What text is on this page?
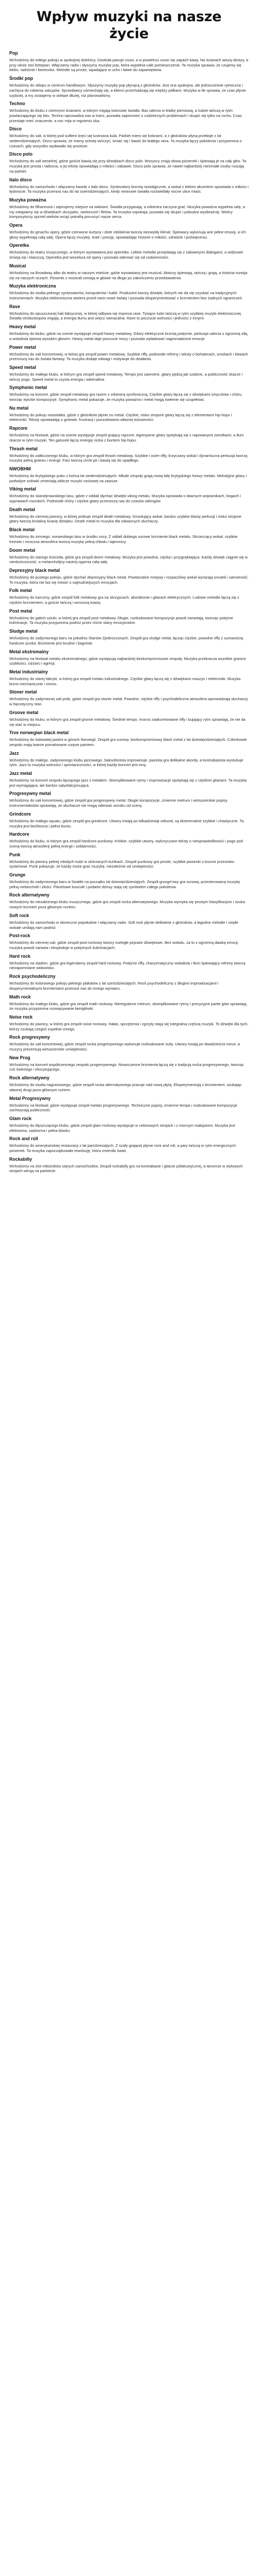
Wpływ muzyki na nasze życie
Pop

Wchodzimy do miłego pokoju w spokojnej dzielnicy. Dookoła panuje cisza, a w powietrzu unosi się zapach kawy. Na ścianach wiszą obrazy, a przy oknie stoi fortepian. Włączamy radio i słyszymy muzykę pop, która wypełnia całe pomieszczenie. Ta muzyka sprawia, że czujemy się lekko, radośnie i beztrosko. Melodie są proste, wpadające w ucho i łatwe do zapamiętania.

Środki pop

Wchodzimy do sklepu w centrum handlowym. Słyszymy muzykę pop płynącą z głośników. Jest ona spokojna, ale jednocześnie rytmiczna i zachęca do robienia zakupów. Sprzedawcy uśmiechają się, a klienci przechadzają się między półkami. Muzyka w tle sprawia, że czas płynie szybciej, a my zostajemy w sklepie dłużej, niż planowaliśmy.

Techno

Wchodzimy do klubu z ciemnymi ścianami, w którym migają kolorowe światła. Bas uderza w klatkę piersiową, a ludzie tańczą w rytm powtarzającego się bitu. Techno wprowadza nas w trans, pozwala zapomnieć o codziennych problemach i skupić się tylko na ruchu. Czas przestaje mieć znaczenie, a noc mija w mgnieniu oka.

Disco

Wchodzimy do sali, w której pod sufitem kręci się lustrzana kula. Parkiet mieni się kolorami, a z głośników płyną przeboje z lat siedemdziesiątych. Disco sprawia, że mamy ochotę tańczyć, śmiać się i bawić do białego rana. Ta muzyka łączy pokolenia i przypomina o czasach, gdy wszystko wydawało się prostsze.

Disco polo

Wchodzimy do sali weselnej, gdzie goście bawią się przy dźwiękach disco polo. Wszyscy znają słowa piosenek i śpiewają je na cały głos. Ta muzyka jest prosta i radosna, a jej teksty opowiadają o miłości i zabawie. Disco polo sprawia, że nawet najbardziej nieśmiałe osoby ruszają na parkiet.

Italo disco

Wchodzimy do samochodu i włączamy kasetę z italo disco. Syntezatory brzmią nostalgicznie, a wokal z lekkim akcentem opowiada o miłości i tęsknocie. Ta muzyka przenosi nas do lat osiemdziesiątych, kiedy neonowe światła rozświetlały nocne ulice miast.

Muzyka poważna

Wchodzimy do filharmonii i zajmujemy miejsce na widowni. Światła przygasają, a orkiestra zaczyna grać. Muzyka poważna wypełnia salę, a my zatapiamy się w dźwiękach skrzypiec, wiolonczel i fletów. Ta muzyka uspokaja, pozwala się skupić i pobudza wyobraźnię. Wielcy kompozytorzy sprzed wieków wciąż potrafią poruszyć nasze serca.

Opera

Wchodzimy do gmachu opery, gdzie czerwone kurtyny i złote zdobienia tworzą niezwykły klimat. Śpiewacy wykonują arie pełne emocji, a ich głosy wypełniają całą salę. Opera łączy muzykę, teatr i poezję, opowiadając historie o miłości, zdradzie i poświęceniu.

Operetka

Wchodzimy do teatru muzycznego, w którym wystawiana jest operetka. Lekkie melodie przeplatają się z zabawnymi dialogami, a widzowie śmieją się i klaszczą. Operetka jest weselsza od opery i pozwala oderwać się od codzienności.

Musical

Wchodzimy na Broadway albo do teatru w naszym mieście, gdzie wystawiany jest musical. Aktorzy śpiewają, tańczą i grają, a historia rozwija się na naszych oczach. Piosenki z musicali zostają w głowie na długo po zakończeniu przedstawienia.

Muzyka elektroniczna

Wchodzimy do studia pełnego syntezatorów, komputerów i kabli. Producent tworzy dźwięki, których nie da się uzyskać na tradycyjnych instrumentach. Muzyka elektroniczna otwiera przed nami nowe światy i pozwala eksperymentować z brzmieniem bez żadnych ograniczeń.

Rave

Wchodzimy do opuszczonej hali fabrycznej, w której odbywa się impreza rave. Tysiące ludzi tańczą w rytm szybkiej muzyki elektronicznej. Światła stroboskopów migają, a energia tłumu jest wręcz namacalna. Rave to poczucie wolności i jedności z innymi.

Heavy metal

Wchodzimy do klubu, gdzie na scenie występuje zespół heavy metalowy. Gitary elektryczne brzmią potężnie, perkusja uderza z ogromną siłą, a wokalista śpiewa wysokim głosem. Heavy metal daje poczucie mocy i pozwala wyładować nagromadzone emocje.

Power metal

Wchodzimy do sali koncertowej, w której gra zespół power metalowy. Szybkie riffy, podniosłe refreny i teksty o bohaterach, smokach i bitwach przenoszą nas do świata fantasy. Ta muzyka dodaje odwagi i motywuje do działania.

Speed metal

Wchodzimy do małego klubu, w którym gra zespół speed metalowy. Tempo jest zawrotne, gitary pędzą jak szalone, a publiczność skacze i tańczy pogo. Speed metal to czysta energia i adrenalina.

Symphonic metal

Wchodzimy na koncert, gdzie zespół metalowy gra razem z orkiestrą symfoniczną. Ciężkie gitary łączą się z dźwiękami smyczków i chóru, tworząc epickie kompozycje. Symphonic metal pokazuje, że muzyka poważna i metal mogą świetnie się uzupełniać.

Nu metal

Wchodzimy do pokoju nastolatka, gdzie z głośników płynie nu metal. Ciężkie, nisko strojone gitary łączą się z elementami hip-hopu i elektroniki. Teksty opowiadają o gniewie, frustracji i poszukiwaniu własnej tożsamości.

Rapcore

Wchodzimy na festiwal, gdzie na scenie występuje zespół grający rapcore. Agresywne gitary spotykają się z rapowanymi zwrotkami, a tłum skacze w rytm muzyki. Ten gatunek łączy energię rocka z buntem hip-hopu.

Thrash metal

Wchodzimy do zatłoczonego klubu, w którym gra zespół thrash metalowy. Szybkie i ostre riffy, krzyczany wokal i dynamiczna perkusja tworzą muzykę pełną gniewu i energii. Fani tworzą circle pit i bawią się do upadłego.

NWOBHM

Wchodzimy do brytyjskiego pubu z końca lat siedemdziesiątych. Młode zespoły grają nową falę brytyjskiego heavy metalu. Melodyjne gitary i podwójne solówki zmieniają oblicze muzyki rockowej na zawsze.

Viking metal

Wchodzimy do skandynawskiego lasu, gdzie z oddali słychać dźwięki viking metalu. Muzyka opowiada o dawnych wojownikach, bogach i wyprawach morskich. Podniosłe chóry i ciężkie gitary przenoszą nas do czasów wikingów.

Death metal

Wchodzimy do ciemnej piwnicy, w której próbuje zespół death metalowy. Growlujący wokal, bardzo szybkie blasty perkusji i nisko strojone gitary tworzą brutalną ścianę dźwięku. Death metal to muzyka dla odważnych słuchaczy.

Black metal

Wchodzimy do zimnego, norweskiego lasu w środku nocy. Z oddali dobiega surowe brzmienie black metalu. Skrzeczący wokal, szybkie tremolo i mroczna atmosfera tworzą muzykę pełną chłodu i tajemnicy.

Doom metal

Wchodzimy do starego kościoła, gdzie gra zespół doom metalowy. Muzyka jest powolna, ciężka i przygnębiająca. Każdy dźwięk ciągnie się w nieskończoność, a melancholijny nastrój ogarnia całą salę.

Depresyjny black metal

Wchodzimy do pustego pokoju, gdzie słychać depresyjny black metal. Powtarzalne motywy i rozpaczliwy wokal wyrażają smutek i samotność. To muzyka, która nie boi się mówić o najtrudniejszych emocjach.

Folk metal

Wchodzimy do karczmy, gdzie zespół folk metalowy gra na skrzypcach, akordeonie i gitarach elektrycznych. Ludowe melodie łączą się z ciężkim brzmieniem, a goście tańczą i wznoszą toasty.

Post metal

Wchodzimy do galerii sztuki, w której gra zespół post metalowy. Długie, rozbudowane kompozycje powoli narastają, tworząc potężne kulminacje. Ta muzyka przypomina podróż przez różne stany emocjonalne.

Sludge metal

Wchodzimy do zadymionego baru na południu Stanów Zjednoczonych. Zespół gra sludge metal, łącząc ciężkie, powolne riffy z surowością hardcore punka. Brzmienie jest brudne i bagniste.

Metal ekstremalny

Wchodzimy na festiwal metalu ekstremalnego, gdzie występują najbardziej bezkompromisowe zespoły. Muzyka przekracza wszelkie granice szybkości, ciężaru i agresji.

Metal industrialny

Wchodzimy do starej fabryki, w której gra zespół metalu industrialnego. Ciężkie gitary łączą się z dźwiękami maszyn i elektroniki. Muzyka brzmi mechanicznie i zimno.

Stoner metal

Wchodzimy do zadymionej sali prób, gdzie zespół gra stoner metal. Powolne, ciężkie riffy i psychodeliczna atmosfera wprowadzają słuchaczy w hipnotyczny stan.

Groove metal

Wchodzimy do klubu, w którym gra zespół groove metalowy. Średnie tempo, mocno zaakcentowane riffy i bujający rytm sprawiają, że nie da się stać w miejscu.

Trve norwegian black metal

Wchodzimy do lodowatej jaskini w górach Norwegii. Zespół gra surowy, bezkompromisowy black metal z lat dziewięćdziesiątych. Członkowie zespołu mają twarze pomalowane corpse paintem.

Jazz

Wchodzimy do małego, zadymionego klubu jazzowego. Saksofonista improwizuje, pianista gra delikatne akordy, a kontrabasista wystukuje rytm. Jazz to muzyka wolności i spontaniczności, w której każdy koncert jest inny.

Jazz metal

Wchodzimy na koncert zespołu łączącego jazz z metalem. Skomplikowane rytmy i improwizacje spotykają się z ciężkimi gitarami. Ta muzyka jest wymagająca, ale bardzo satysfakcjonująca.

Progresywny metal

Wchodzimy do sali koncertowej, gdzie zespół gra progresywny metal. Długie kompozycje, zmienne metrum i wirtuozerskie popisy instrumentalistów sprawiają, że słuchacze nie mogą oderwać wzroku od sceny.

Grindcore

Wchodzimy do małego squatu, gdzie zespół gra grindcore. Utwory trwają po kilkadziesiąt sekund, są ekstremalnie szybkie i chaotyczne. Ta muzyka jest bezlitosna i pełna buntu.

Hardcore

Wchodzimy do klubu, w którym gra zespół hardcore punkowy. Krótkie, szybkie utwory, wykrzyczane teksty o niesprawiedliwości i pogo pod sceną tworzą atmosferę pełną energii i solidarności.

Punk

Wchodzimy do piwnicy pełnej młodych ludzi w skórzanych kurtkach. Zespół punkowy gra proste, szybkie piosenki o buncie przeciwko systemowi. Punk pokazuje, że każdy może grać muzykę, niezależnie od umiejętności.

Grunge

Wchodzimy do zadymionego baru w Seattle na początku lat dziewięćdziesiątych. Zespół grunge'owy gra surową, przesterowaną muzykę pełną melancholii i złości. Flanelowe koszule i podarte dżinsy stają się symbolem całego pokolenia.

Rock alternatywny

Wchodzimy do niezależnego klubu muzycznego, gdzie gra zespół rocka alternatywnego. Muzyka wymyka się prostym klasyfikacjom i szuka nowych brzmień poza głównym nurtem.

Soft rock

Wchodzimy do samochodu w słoneczne popołudnie i włączamy radio. Soft rock płynie delikatnie z głośników, a łagodne melodie i ciepłe wokale umilają nam podróż.

Post-rock

Wchodzimy do ciemnej sali, gdzie zespół post-rockowy tworzy rozległe pejzaże dźwiękowe. Bez wokalu, za to z ogromną dawką emocji, muzyka powoli narasta i eksploduje w potężnych kulminacjach.

Hard rock

Wchodzimy na stadion, gdzie gra legendarny zespół hard rockowy. Potężne riffy, charyzmatyczny wokalista i tłum śpiewający refreny tworzą niezapomniane widowisko.

Rock psychodeliczny

Wchodzimy do kolorowego pokoju pełnego plakatów z lat sześćdziesiątych. Rock psychodeliczny z długimi improwizacjami i eksperymentalnymi brzmieniami przenosi nas do innego wymiaru.

Math rock

Wchodzimy do małego klubu, gdzie gra zespół math rockowy. Nieregularne metrum, skomplikowane rytmy i precyzyjne partie gitar sprawiają, że muzyka przypomina rozwiązywanie łamigłówki.

Noise rock

Wchodzimy do piwnicy, w której gra zespół noise rockowy. Hałas, sprzężenia i zgrzyty stają się integralną częścią muzyki. To dźwięki dla tych, którzy szukają czegoś zupełnie innego.

Rock progresywny

Wchodzimy do sali koncertowej, gdzie zespół rocka progresywnego wykonuje rozbudowane suity. Utwory trwają po dwadzieścia minut, a muzycy prezentują wirtuozerskie umiejętności.

New Prog

Wchodzimy na koncert współczesnego zespołu progresywnego. Nowoczesne brzmienia łączą się z tradycją rocka progresywnego, tworząc coś świeżego i ekscytującego.

Rock alternatywny

Wchodzimy do studia nagraniowego, gdzie zespół rocka alternatywnego pracuje nad nową płytą. Eksperymentują z brzmieniem, szukając własnej drogi poza głównym nurtem.

Metal Progresywny

Wchodzimy na festiwal, gdzie występuje zespół metalu progresywnego. Techniczne popisy, zmienne tempa i rozbudowane kompozycje zachwycają publiczność.

Glam rock

Wchodzimy do błyszczącego klubu, gdzie zespół glam rockowy występuje w cekinowych strojach i z mocnym makijażem. Muzyka jest efektowna, zadziorna i pełna blasku.

Rock and roll

Wchodzimy do amerykańskiej restauracji z lat pięćdziesiątych. Z szafy grającej płynie rock and roll, a pary tańczą w rytm energicznych piosenek. Ta muzyka zapoczątkowała rewolucję, która zmieniła świat.

Rockabilly

Wchodzimy na zlot miłośników starych samochodów. Zespół rockabilly gra na kontrabasie i gitarze półakustycznej, a tancerze w stylowych strojach wirują na parkiecie.
